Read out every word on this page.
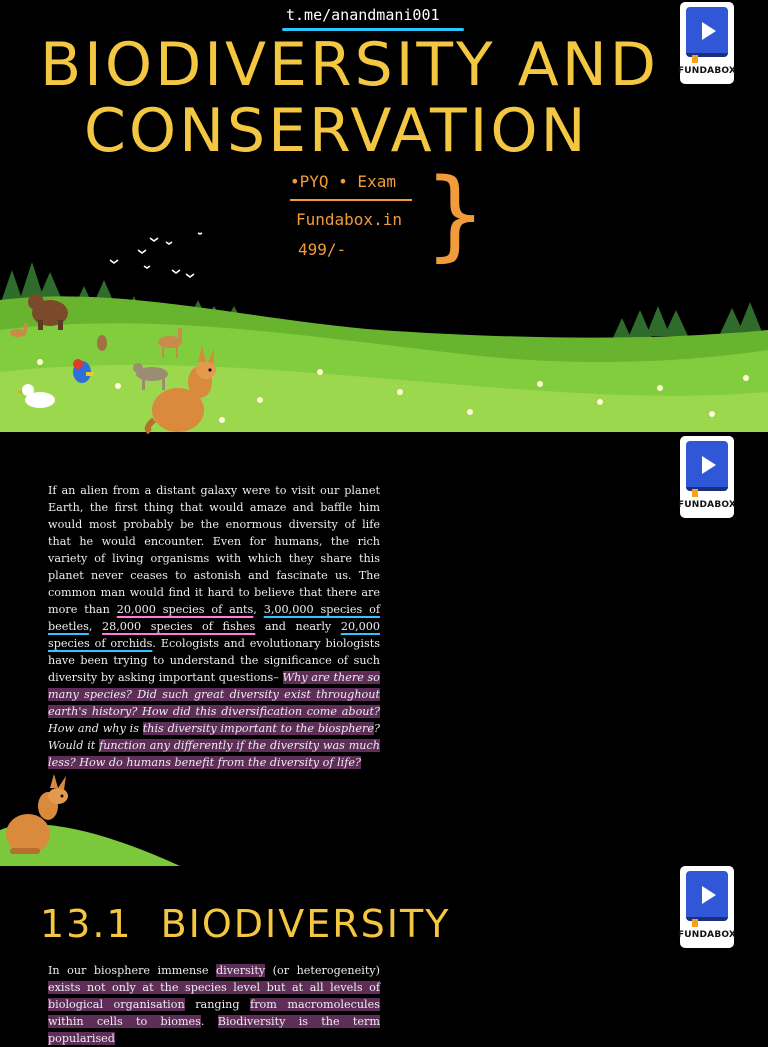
FUNDABOX
t.me/anandmani001
BIODIVERSITY AND
CONSERVATION
•PYQ • Exam
Fundabox.in
499/- }
FUNDABOX

If an alien from a distant galaxy were to visit our planet Earth, the first thing that would amaze and baffle him would most probably be the enormous diversity of life that he would encounter. Even for humans, the rich variety of living organisms with which they share this planet never ceases to astonish and fascinate us. The common man would find it hard to believe that there are more than 20,000 species of ants, 3,00,000 species of beetles, 28,000 species of fishes and nearly 20,000 species of orchids. Ecologists and evolutionary biologists have been trying to understand the significance of such diversity by asking important questions– Why are there so many species? Did such great diversity exist throughout earth's history? How did this diversification come about? How and why is this diversity important to the biosphere? Would it function any differently if the diversity was much less? How do humans benefit from the diversity of life?

FUNDABOX
13.1 BIODIVERSITY

In our biosphere immense diversity (or heterogeneity) exists not only at the species level but at all levels of biological organisation ranging from macromolecules within cells to biomes. Biodiversity is the term popularised
